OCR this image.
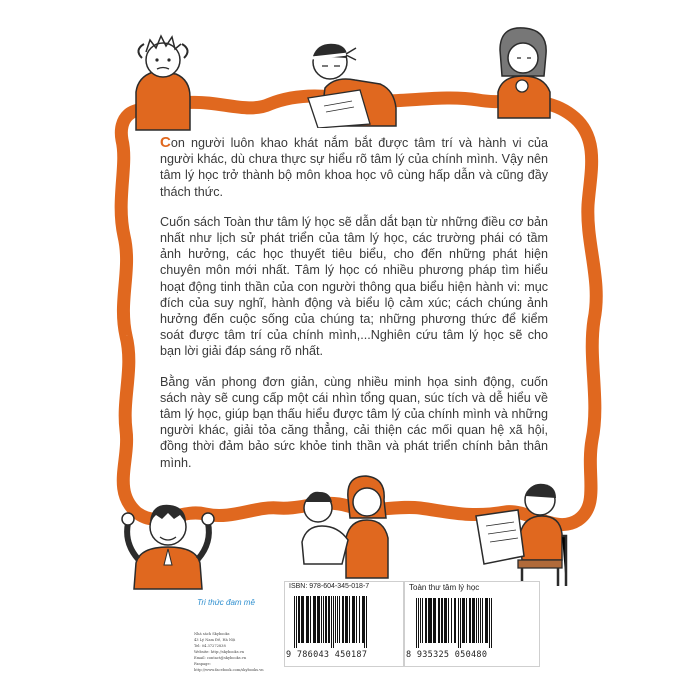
Con người luôn khao khát nắm bắt được tâm trí và hành vi của người khác, dù chưa thực sự hiểu rõ tâm lý của chính mình. Vậy nên tâm lý học trở thành bộ môn khoa học vô cùng hấp dẫn và cũng đầy thách thức.

Cuốn sách Toàn thư tâm lý học sẽ dẫn dắt bạn từ những điều cơ bản nhất như lịch sử phát triển của tâm lý học, các trường phái có tầm ảnh hưởng, các học thuyết tiêu biểu, cho đến những phát hiện chuyên môn mới nhất. Tâm lý học có nhiều phương pháp tìm hiểu hoạt động tinh thần của con người thông qua biểu hiện hành vi: mục đích của suy nghĩ, hành động và biểu lộ cảm xúc; cách chúng ảnh hưởng đến cuộc sống của chúng ta; những phương thức để kiểm soát được tâm trí của chính mình,...Nghiên cứu tâm lý học sẽ cho bạn lời giải đáp sáng rõ nhất.

Bằng văn phong đơn giản, cùng nhiều minh họa sinh động, cuốn sách này sẽ cung cấp một cái nhìn tổng quan, súc tích và dễ hiểu về tâm lý học, giúp bạn thấu hiểu được tâm lý của chính mình và những người khác, giải tỏa căng thẳng, cải thiện các mối quan hệ xã hội, đồng thời đảm bảo sức khỏe tinh thần và phát triển chính bản thân mình.

Tri thức đam mê
Nhà sách Skybooks
43 Lý Nam Đế, Hà Nội
Tel: 04.37272838
Website: http://skybooks.vn
Email: contact@skybooks.vn
Fanpage: http://www.facebook.com/skybooks.vn
ISBN: 978-604-345-018-7
9 786043 450187
Toàn thư tâm lý học
8 935325 050480
